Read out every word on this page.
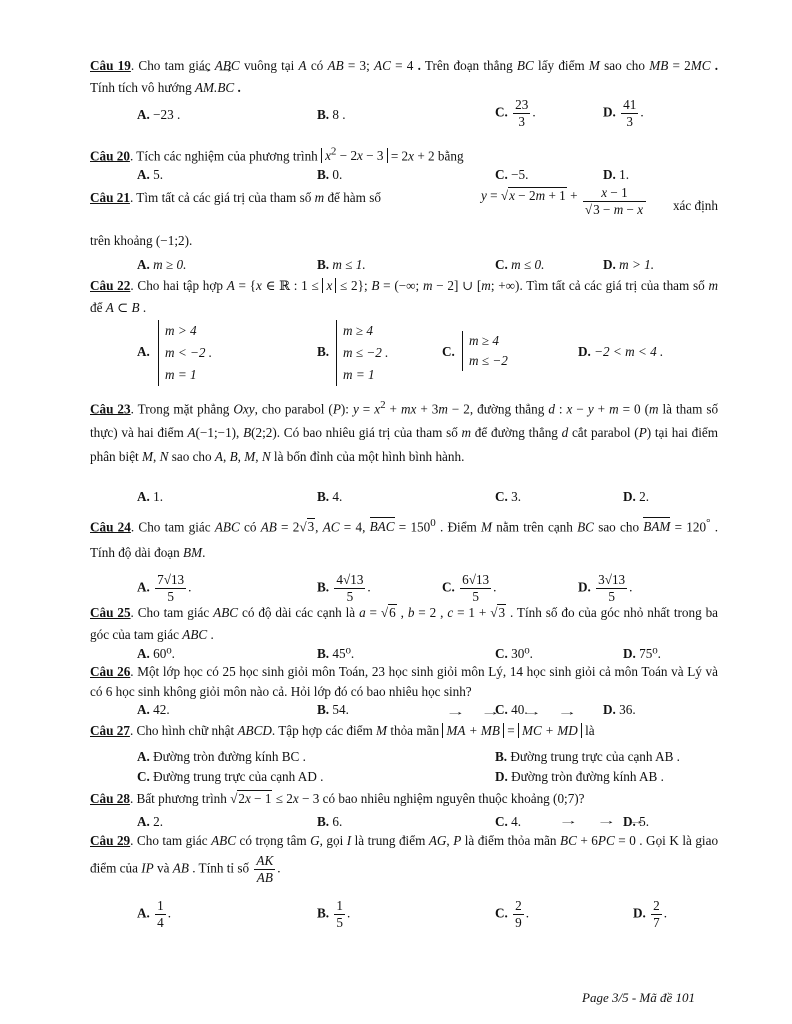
Câu 19. Cho tam giác ABC vuông tại A có AB = 3; AC = 4 . Trên đoạn thẳng BC lấy điểm M sao cho MB = 2MC . Tính tích vô hướng → AM.→ BC .
A. −23 .	B. 8 .	C. $\frac{23}{3}$ .	D. $\frac{41}{3}$ .
Câu 20. Tích các nghiệm của phương trình $x^2 - 2x - 3 = 2x + 2$ bằng
A. 5.	B. 0.	C. −5.	D. 1.
Câu 21. Tìm tất cả các giá trị của tham số m để hàm số	$y = √x - 2m + 1 + \frac{x - 1}{√3 - m - x}$ xác định
trên khoảng (−1;2).
A. m ≥ 0.	B. m ≤ 1.	C. m ≤ 0.	D. m > 1.
Câu 22. Cho hai tập hợp A = {x ∈ ℝ : 1 ≤ x ≤ 2}; B = (−∞; m − 2] ∪ [m; +∞). Tìm tất cả các giá trị của tham số m để A ⊂ B .
A.
m > 4
m < −2 .
m = 1
B.
m ≥ 4
m ≤ −2 .
m = 1
C.
m ≥ 4
m ≤ −2
D. −2 < m < 4 .
Câu 23. Trong mặt phẳng Oxy, cho parabol (P): $y = x^2$ + mx + 3m − 2, đường thẳng d : x − y + m = 0 (m là tham số thực) và hai điểm A(−1;−1), B(2;2). Có bao nhiêu giá trị của tham số m để đường thẳng d cắt parabol (P) tại hai điểm phân biệt M, N sao cho A, B, M, N là bốn đỉnh của một hình bình hành.
A. 1.	B. 4.	C. 3.	D. 2.
Câu 24. Cho tam giác ABC có AB = 2√3, AC = 4, BAC = $150^0$ . Điểm M nằm trên cạnh BC sao cho BAM = 120° . Tính độ dài đoạn BM.
A. $\frac{7√13}{5}$ .	B. $\frac{4√13}{5}$ .	C. $\frac{6√13}{5}$ .	D. $\frac{3√13}{5}$ .
Câu 25. Cho tam giác ABC có độ dài các cạnh là a = √6 , b = 2 , c = 1 + √3 . Tính số đo của góc nhỏ nhất trong ba góc của tam giác ABC .
A. 60⁰.	B. 45⁰.	C. 30⁰.	D. 75⁰.
Câu 26. Một lớp học có 25 học sinh giỏi môn Toán, 23 học sinh giỏi môn Lý, 14 học sinh giỏi cả môn Toán và Lý và có 6 học sinh không giỏi môn nào cả. Hỏi lớp đó có bao nhiêu học sinh?
A. 42.	B. 54.	C. 40.	D. 36.
Câu 27. Cho hình chữ nhật ABCD. Tập hợp các điểm M thỏa mãn → MA + → MB = → MC + → MD là
A. Đường tròn đường kính BC .	B. Đường trung trực của cạnh AB .
C. Đường trung trực của cạnh AD .	D. Đường tròn đường kính AB .
Câu 28. Bất phương trình √2x − 1 ≤ 2x − 3 có bao nhiêu nghiệm nguyên thuộc khoảng (0;7)?
A. 2.	B. 6.	C. 4.	D. 5.
Câu 29. Cho tam giác ABC có trọng tâm G, gọi I là trung điểm AG, P là điểm thỏa mãn → BC + 6→ PC = → 0 . Gọi K là giao điểm của IP và AB . Tính tỉ số $\frac{AK}{AB}$ .
A. $\frac{1}{4}$ .	B. $\frac{1}{5}$ .	C. $\frac{2}{9}$ .	D. $\frac{2}{7}$ .
Page 3/5 - Mã đề 101
